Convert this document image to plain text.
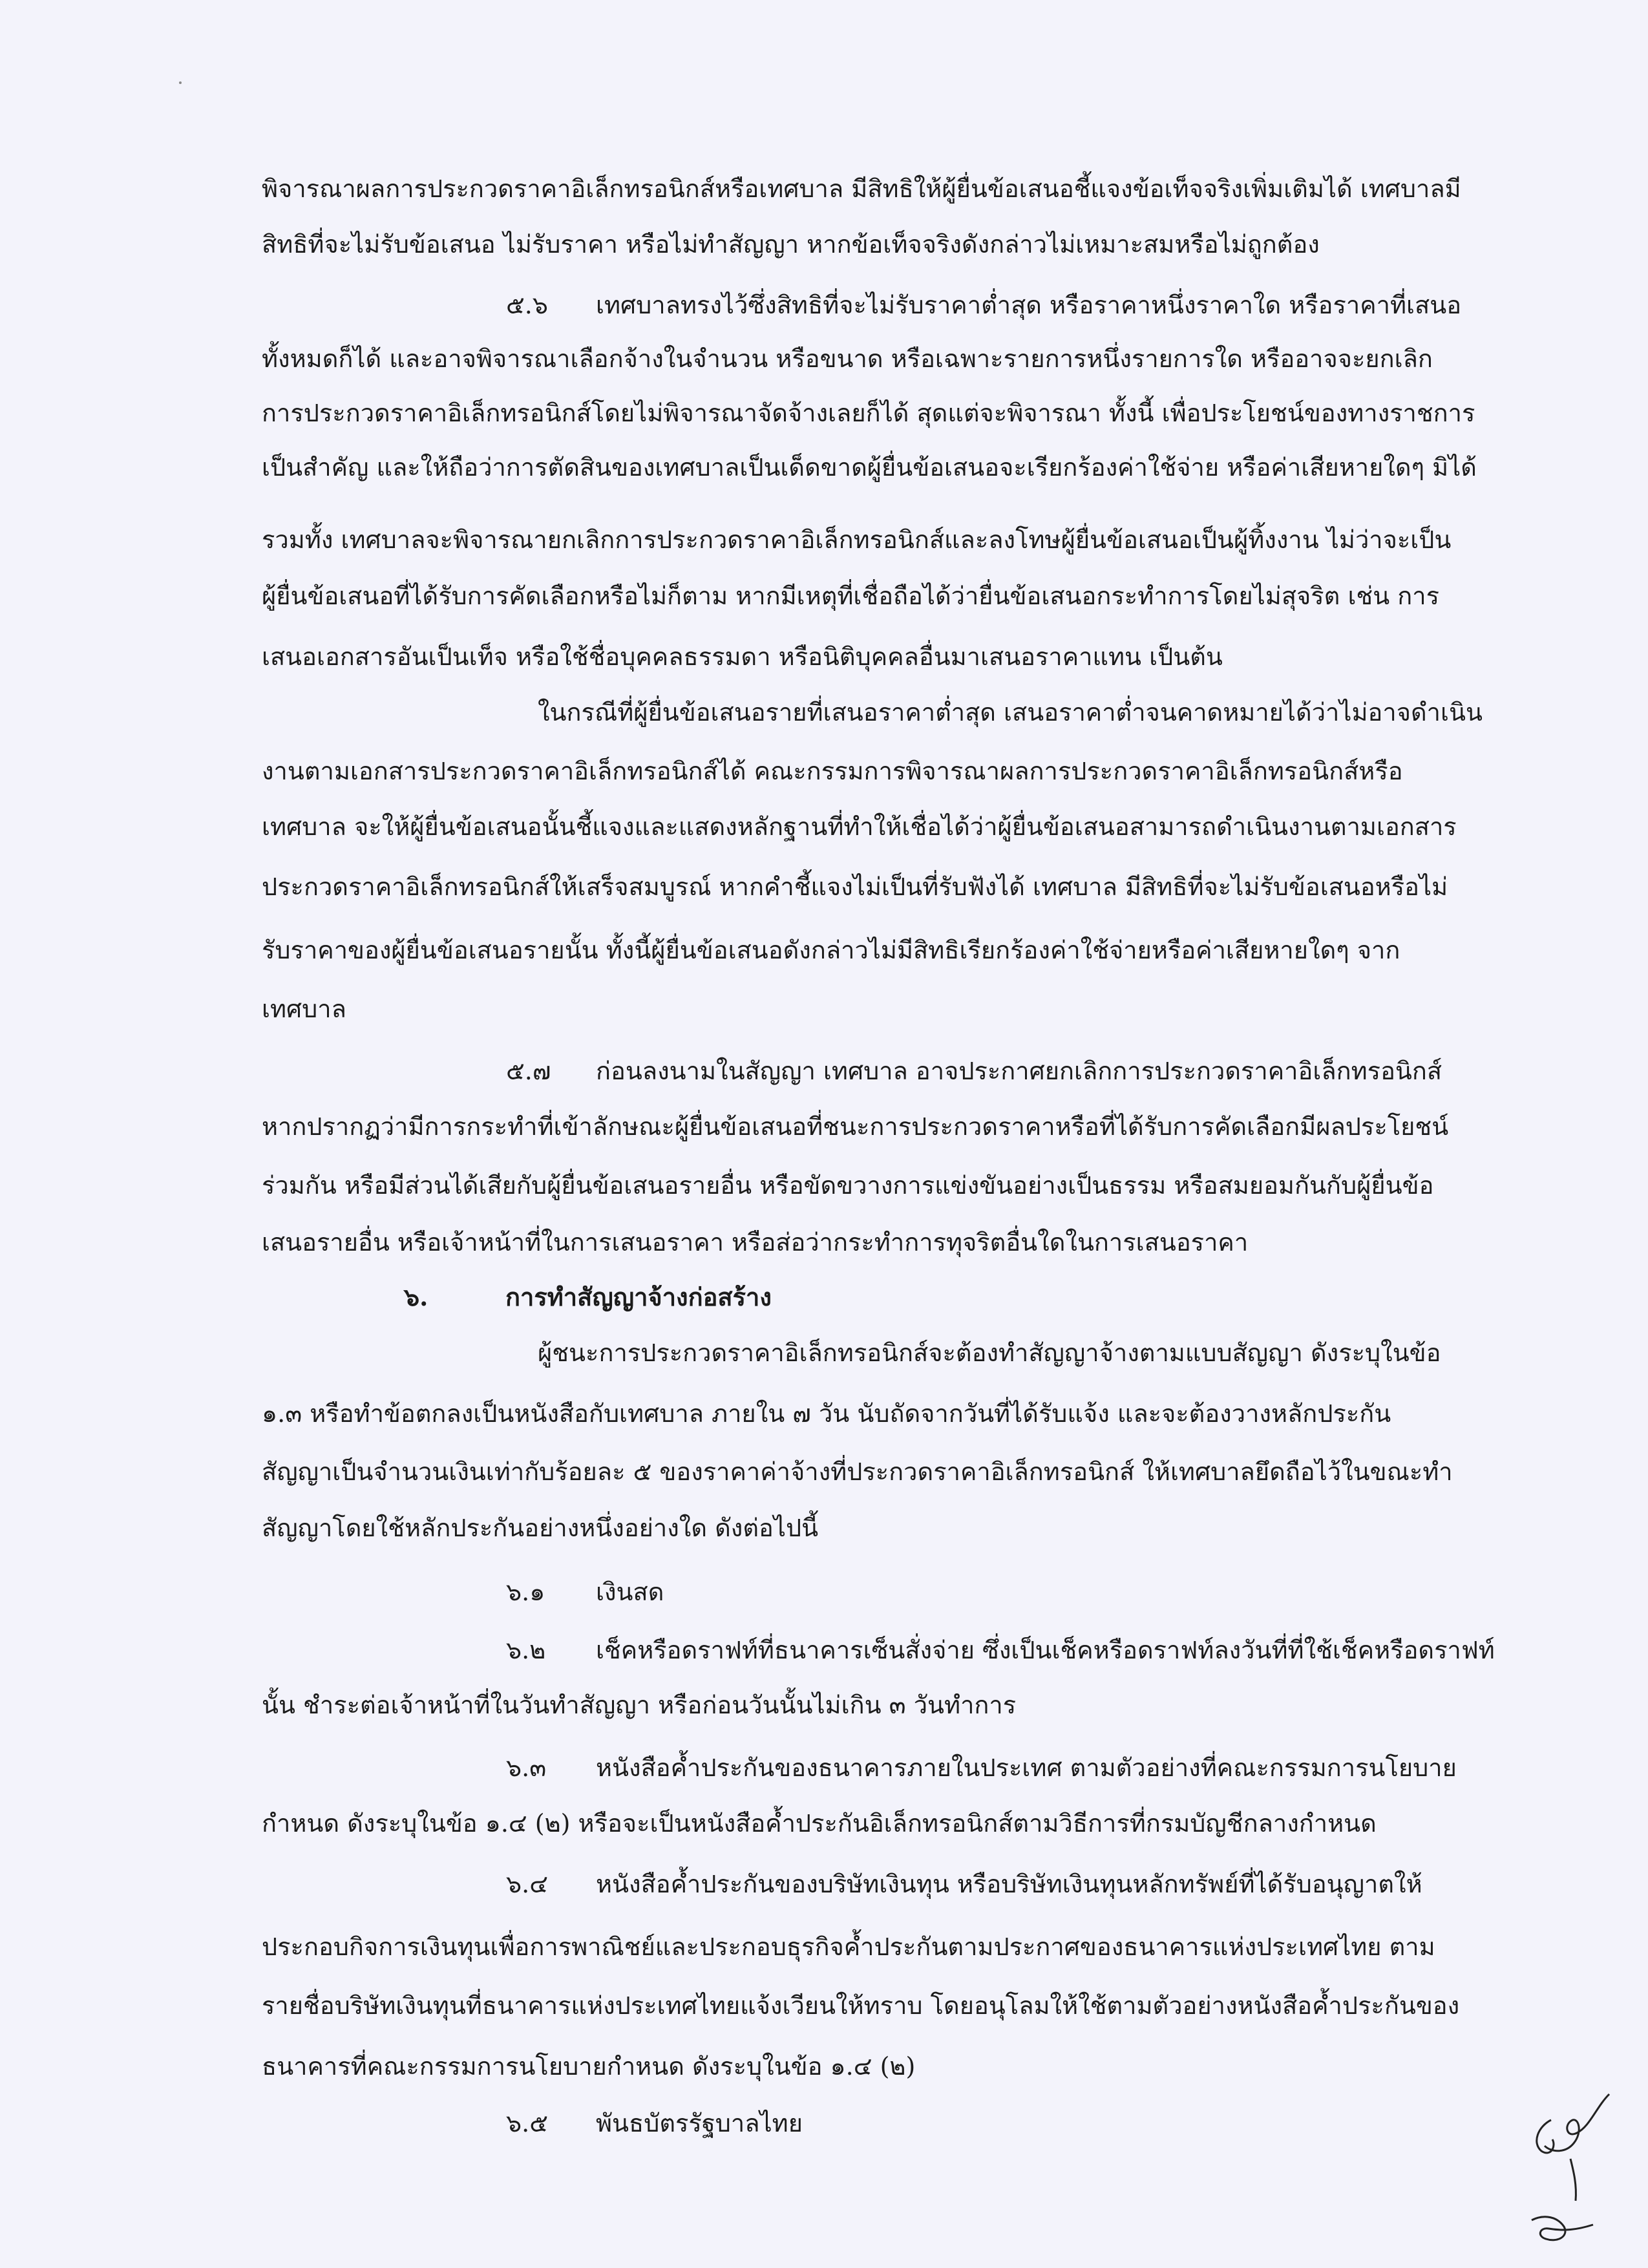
พิจารณาผลการประกวดราคาอิเล็กทรอนิกส์หรือเทศบาล มีสิทธิให้ผู้ยื่นข้อเสนอชี้แจงข้อเท็จจริงเพิ่มเติมได้ เทศบาลมี
สิทธิที่จะไม่รับข้อเสนอ ไม่รับราคา หรือไม่ทำสัญญา หากข้อเท็จจริงดังกล่าวไม่เหมาะสมหรือไม่ถูกต้อง
๕.๖ เทศบาลทรงไว้ซึ่งสิทธิที่จะไม่รับราคาต่ำสุด หรือราคาหนึ่งราคาใด หรือราคาที่เสนอ
ทั้งหมดก็ได้ และอาจพิจารณาเลือกจ้างในจำนวน หรือขนาด หรือเฉพาะรายการหนึ่งรายการใด หรืออาจจะยกเลิก
การประกวดราคาอิเล็กทรอนิกส์โดยไม่พิจารณาจัดจ้างเลยก็ได้ สุดแต่จะพิจารณา ทั้งนี้ เพื่อประโยชน์ของทางราชการ
เป็นสำคัญ และให้ถือว่าการตัดสินของเทศบาลเป็นเด็ดขาดผู้ยื่นข้อเสนอจะเรียกร้องค่าใช้จ่าย หรือค่าเสียหายใดๆ มิได้
รวมทั้ง เทศบาลจะพิจารณายกเลิกการประกวดราคาอิเล็กทรอนิกส์และลงโทษผู้ยื่นข้อเสนอเป็นผู้ทิ้งงาน ไม่ว่าจะเป็น
ผู้ยื่นข้อเสนอที่ได้รับการคัดเลือกหรือไม่ก็ตาม หากมีเหตุที่เชื่อถือได้ว่ายื่นข้อเสนอกระทำการโดยไม่สุจริต เช่น การ
เสนอเอกสารอันเป็นเท็จ หรือใช้ชื่อบุคคลธรรมดา หรือนิติบุคคลอื่นมาเสนอราคาแทน เป็นต้น
ในกรณีที่ผู้ยื่นข้อเสนอรายที่เสนอราคาต่ำสุด เสนอราคาต่ำจนคาดหมายได้ว่าไม่อาจดำเนิน
งานตามเอกสารประกวดราคาอิเล็กทรอนิกส์ได้ คณะกรรมการพิจารณาผลการประกวดราคาอิเล็กทรอนิกส์หรือ
เทศบาล จะให้ผู้ยื่นข้อเสนอนั้นชี้แจงและแสดงหลักฐานที่ทำให้เชื่อได้ว่าผู้ยื่นข้อเสนอสามารถดำเนินงานตามเอกสาร
ประกวดราคาอิเล็กทรอนิกส์ให้เสร็จสมบูรณ์ หากคำชี้แจงไม่เป็นที่รับฟังได้ เทศบาล มีสิทธิที่จะไม่รับข้อเสนอหรือไม่
รับราคาของผู้ยื่นข้อเสนอรายนั้น ทั้งนี้ผู้ยื่นข้อเสนอดังกล่าวไม่มีสิทธิเรียกร้องค่าใช้จ่ายหรือค่าเสียหายใดๆ จาก
เทศบาล
๕.๗ ก่อนลงนามในสัญญา เทศบาล อาจประกาศยกเลิกการประกวดราคาอิเล็กทรอนิกส์
หากปรากฏว่ามีการกระทำที่เข้าลักษณะผู้ยื่นข้อเสนอที่ชนะการประกวดราคาหรือที่ได้รับการคัดเลือกมีผลประโยชน์
ร่วมกัน หรือมีส่วนได้เสียกับผู้ยื่นข้อเสนอรายอื่น หรือขัดขวางการแข่งขันอย่างเป็นธรรม หรือสมยอมกันกับผู้ยื่นข้อ
เสนอรายอื่น หรือเจ้าหน้าที่ในการเสนอราคา หรือส่อว่ากระทำการทุจริตอื่นใดในการเสนอราคา
๖.	การทำสัญญาจ้างก่อสร้าง
ผู้ชนะการประกวดราคาอิเล็กทรอนิกส์จะต้องทำสัญญาจ้างตามแบบสัญญา ดังระบุในข้อ
๑.๓ หรือทำข้อตกลงเป็นหนังสือกับเทศบาล ภายใน ๗ วัน นับถัดจากวันที่ได้รับแจ้ง และจะต้องวางหลักประกัน
สัญญาเป็นจำนวนเงินเท่ากับร้อยละ ๕ ของราคาค่าจ้างที่ประกวดราคาอิเล็กทรอนิกส์ ให้เทศบาลยึดถือไว้ในขณะทำ
สัญญาโดยใช้หลักประกันอย่างหนึ่งอย่างใด ดังต่อไปนี้
๖.๑ เงินสด
๖.๒ เช็คหรือดราฟท์ที่ธนาคารเซ็นสั่งจ่าย ซึ่งเป็นเช็คหรือดราฟท์ลงวันที่ที่ใช้เช็คหรือดราฟท์
นั้น ชำระต่อเจ้าหน้าที่ในวันทำสัญญา หรือก่อนวันนั้นไม่เกิน ๓ วันทำการ
๖.๓ หนังสือค้ำประกันของธนาคารภายในประเทศ ตามตัวอย่างที่คณะกรรมการนโยบาย
กำหนด ดังระบุในข้อ ๑.๔ (๒) หรือจะเป็นหนังสือค้ำประกันอิเล็กทรอนิกส์ตามวิธีการที่กรมบัญชีกลางกำหนด
๖.๔ หนังสือค้ำประกันของบริษัทเงินทุน หรือบริษัทเงินทุนหลักทรัพย์ที่ได้รับอนุญาตให้
ประกอบกิจการเงินทุนเพื่อการพาณิชย์และประกอบธุรกิจค้ำประกันตามประกาศของธนาคารแห่งประเทศไทย ตาม
รายชื่อบริษัทเงินทุนที่ธนาคารแห่งประเทศไทยแจ้งเวียนให้ทราบ โดยอนุโลมให้ใช้ตามตัวอย่างหนังสือค้ำประกันของ
ธนาคารที่คณะกรรมการนโยบายกำหนด ดังระบุในข้อ ๑.๔ (๒)
๖.๕ พันธบัตรรัฐบาลไทย
